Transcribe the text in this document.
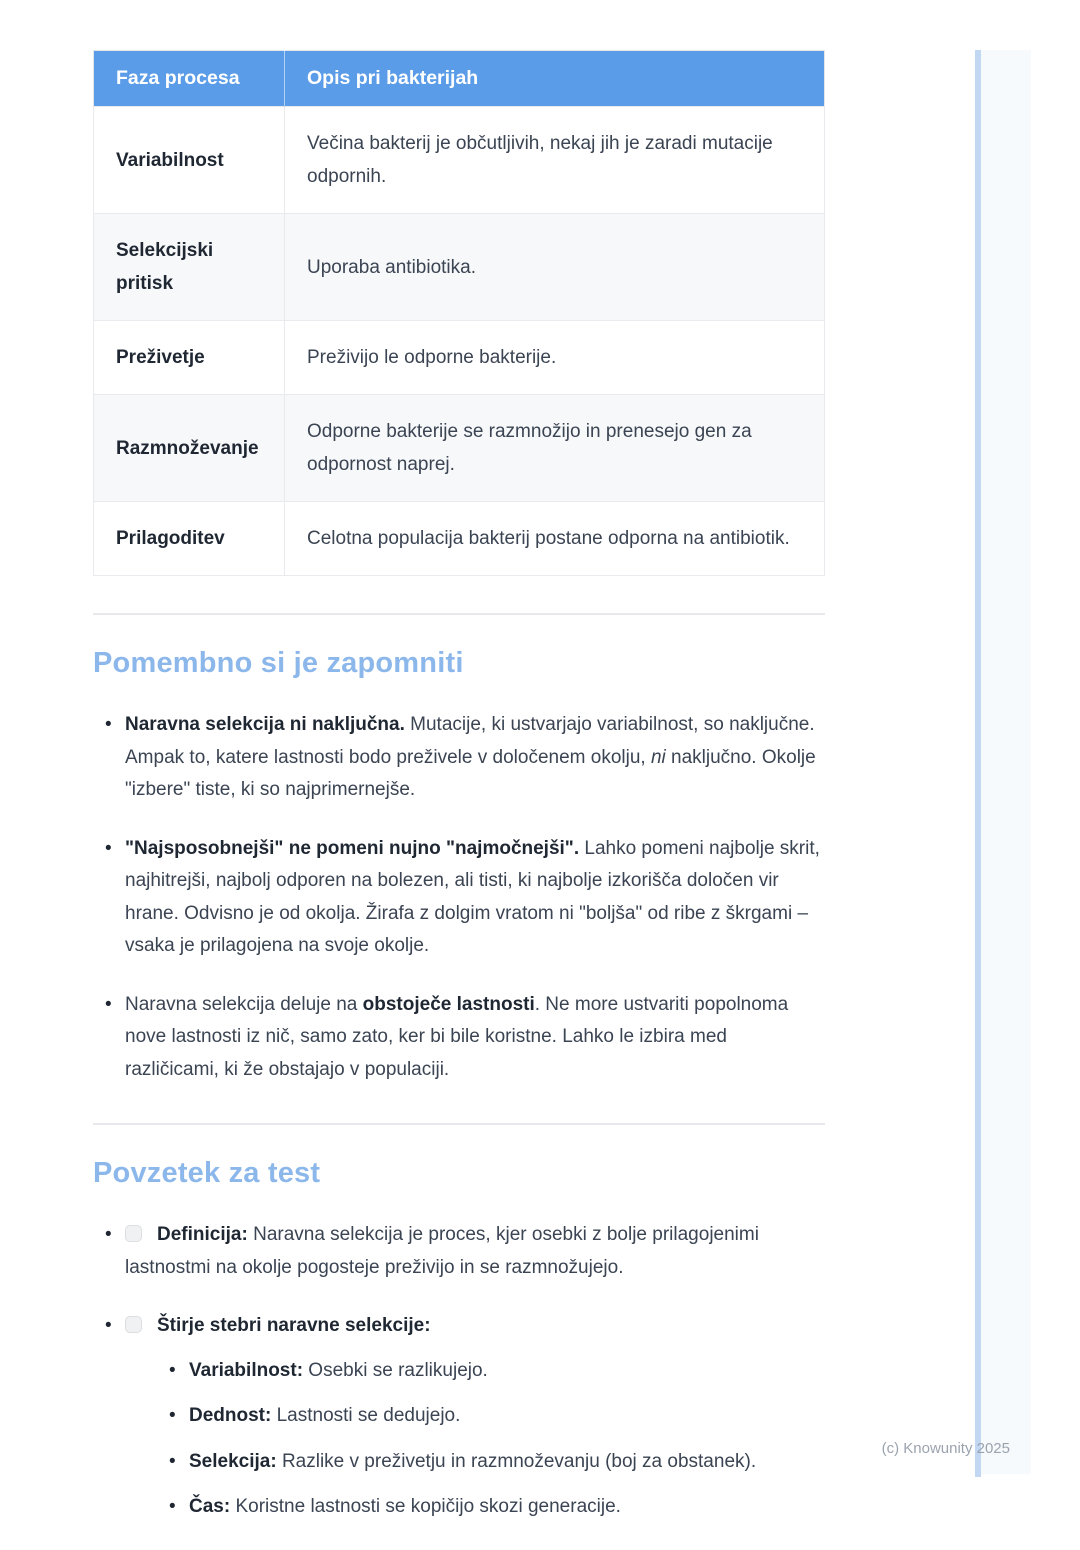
Faza procesa	Opis pri bakterijah
Variabilnost	Večina bakterij je občutljivih, nekaj jih je zaradi mutacije odpornih.
Selekcijski pritisk	Uporaba antibiotika.
Preživetje	Preživijo le odporne bakterije.
Razmnoževanje	Odporne bakterije se razmnožijo in prenesejo gen za odpornost naprej.
Prilagoditev	Celotna populacija bakterij postane odporna na antibiotik.
Pomembno si je zapomniti
• Naravna selekcija ni naključna. Mutacije, ki ustvarjajo variabilnost, so naključne. Ampak to, katere lastnosti bodo preživele v določenem okolju, ni naključno. Okolje "izbere" tiste, ki so najprimernejše.
• "Najsposobnejši" ne pomeni nujno "najmočnejši". Lahko pomeni najbolje skrit, najhitrejši, najbolj odporen na bolezen, ali tisti, ki najbolje izkorišča določen vir hrane. Odvisno je od okolja. Žirafa z dolgim vratom ni "boljša" od ribe z škrgami – vsaka je prilagojena na svoje okolje.
• Naravna selekcija deluje na obstoječe lastnosti. Ne more ustvariti popolnoma nove lastnosti iz nič, samo zato, ker bi bile koristne. Lahko le izbira med različicami, ki že obstajajo v populaciji.
Povzetek za test
• Definicija: Naravna selekcija je proces, kjer osebki z bolje prilagojenimi lastnostmi na okolje pogosteje preživijo in se razmnožujejo.
• Štirje stebri naravne selekcije:
• Variabilnost: Osebki se razlikujejo.
• Dednost: Lastnosti se dedujejo.
• Selekcija: Razlike v preživetju in razmnoževanju (boj za obstanek).
• Čas: Koristne lastnosti se kopičijo skozi generacije.
(c) Knowunity 2025
